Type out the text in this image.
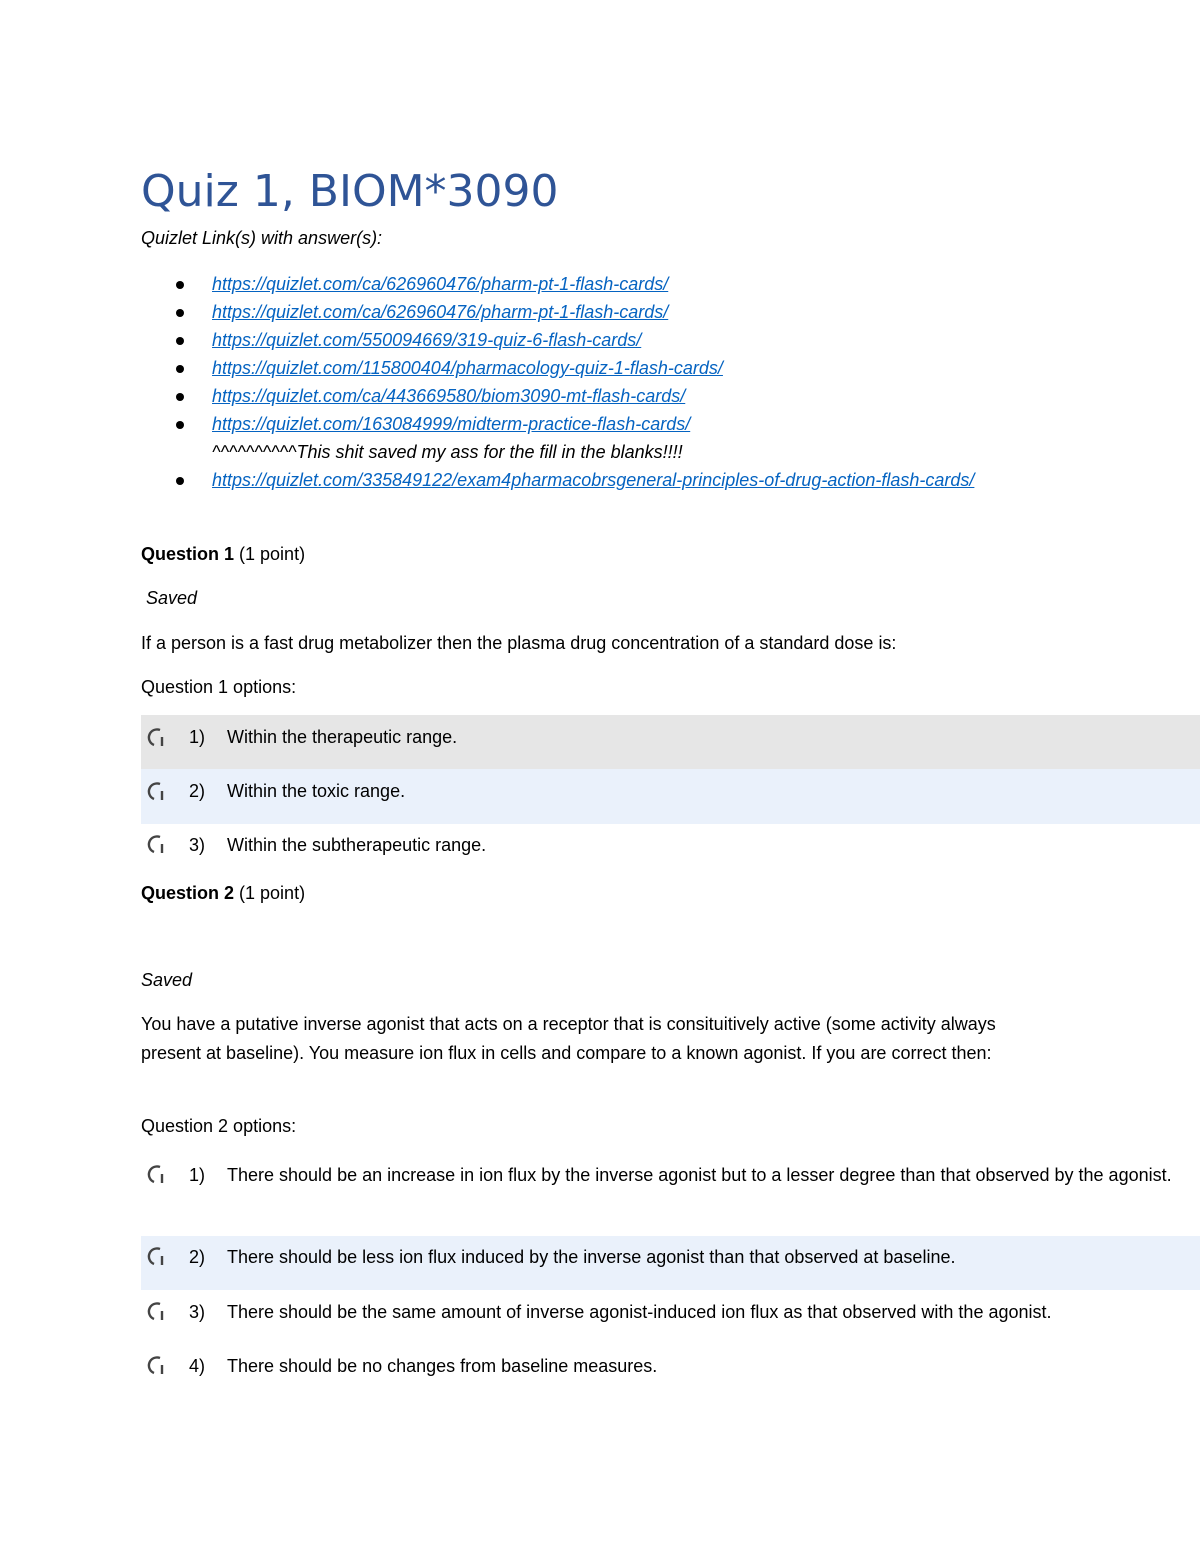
Quiz 1, BIOM*3090
Quizlet Link(s) with answer(s):
https://quizlet.com/ca/626960476/pharm-pt-1-flash-cards/
https://quizlet.com/ca/626960476/pharm-pt-1-flash-cards/
https://quizlet.com/550094669/319-quiz-6-flash-cards/
https://quizlet.com/115800404/pharmacology-quiz-1-flash-cards/
https://quizlet.com/ca/443669580/biom3090-mt-flash-cards/
https://quizlet.com/163084999/midterm-practice-flash-cards/
^^^^^^^^^^This shit saved my ass for the fill in the blanks!!!!
https://quizlet.com/335849122/exam4pharmacobrsgeneral-principles-of-drug-action-flash-cards/
Question 1 (1 point)
Saved
If a person is a fast drug metabolizer then the plasma drug concentration of a standard dose is:
Question 1 options:
1) Within the therapeutic range.
2) Within the toxic range.
3) Within the subtherapeutic range.
Question 2 (1 point)
Saved
You have a putative inverse agonist that acts on a receptor that is consituitively active (some activity always present at baseline). You measure ion flux in cells and compare to a known agonist. If you are correct then:
Question 2 options:
1) There should be an increase in ion flux by the inverse agonist but to a lesser degree than that observed by the agonist.
2) There should be less ion flux induced by the inverse agonist than that observed at baseline.
3) There should be the same amount of inverse agonist-induced ion flux as that observed with the agonist.
4) There should be no changes from baseline measures.
